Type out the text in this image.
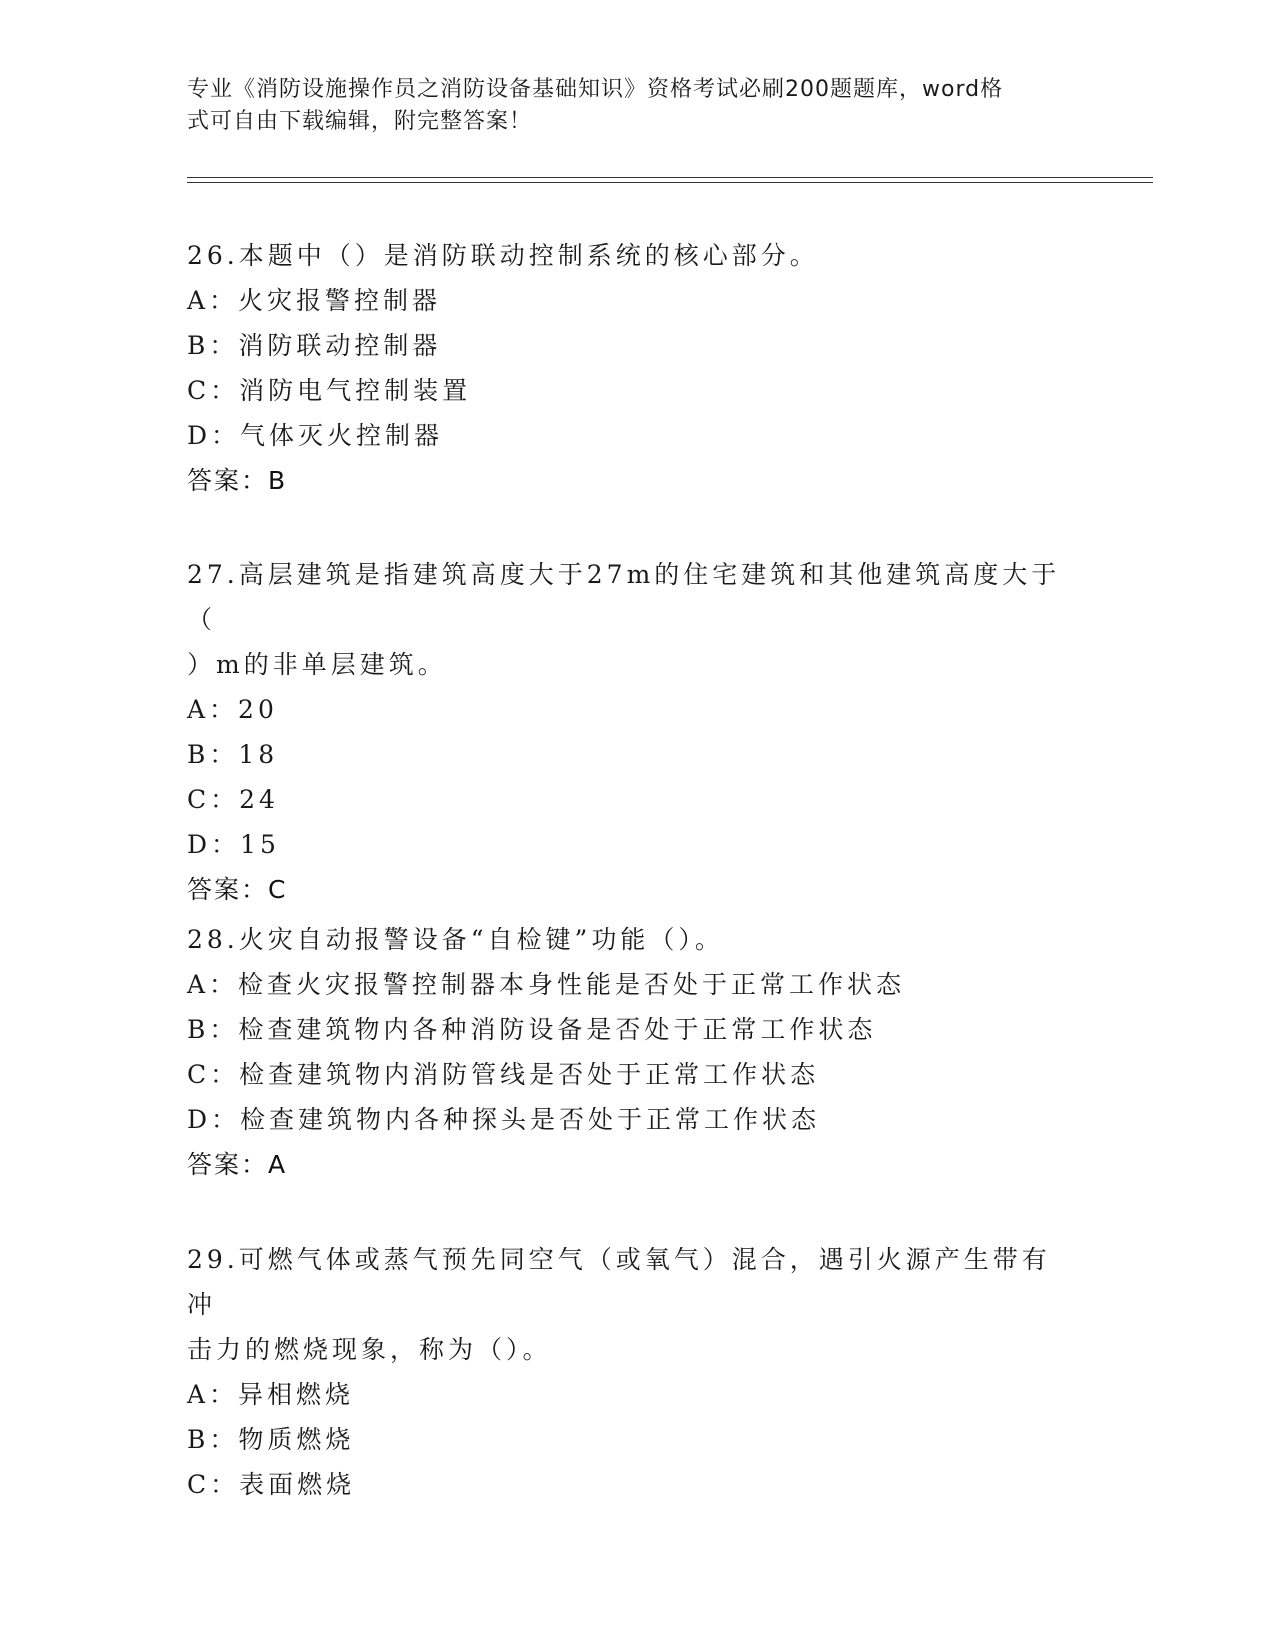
专业《消防设施操作员之消防设备基础知识》资格考试必刷200题题库，word格
式可自由下载编辑，附完整答案！

26.本题中（）是消防联动控制系统的核心部分。

A：火灾报警控制器

B：消防联动控制器

C：消防电气控制装置

D：气体灭火控制器

答案：B

27.高层建筑是指建筑高度大于27m的住宅建筑和其他建筑高度大于（

）m的非单层建筑。

A：20

B：18

C：24

D：15

答案：C

28.火灾自动报警设备“自检键”功能（）。

A：检查火灾报警控制器本身性能是否处于正常工作状态

B：检查建筑物内各种消防设备是否处于正常工作状态

C：检查建筑物内消防管线是否处于正常工作状态

D：检查建筑物内各种探头是否处于正常工作状态

答案：A

29.可燃气体或蒸气预先同空气（或氧气）混合，遇引火源产生带有冲

击力的燃烧现象，称为（）。

A：异相燃烧

B：物质燃烧

C：表面燃烧
